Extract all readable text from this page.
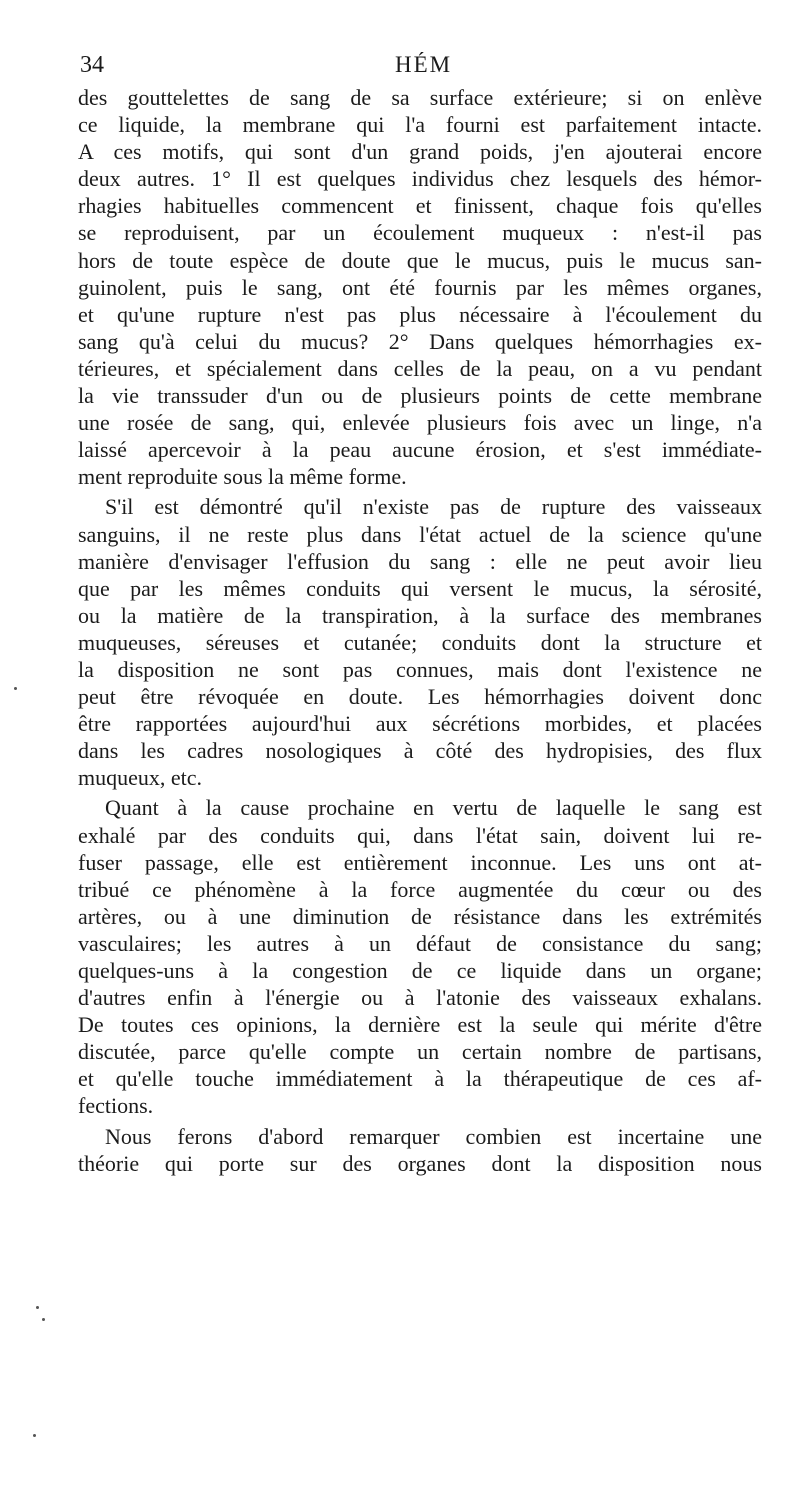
34	HÉM
des gouttelettes de sang de sa surface extérieure; si on enlève
ce liquide, la membrane qui l'a fourni est parfaitement intacte.
A ces motifs, qui sont d'un grand poids, j'en ajouterai encore
deux autres. 1° Il est quelques individus chez lesquels des hémor-
rhagies habituelles commencent et finissent, chaque fois qu'elles
se reproduisent, par un écoulement muqueux : n'est-il pas
hors de toute espèce de doute que le mucus, puis le mucus san-
guinolent, puis le sang, ont été fournis par les mêmes organes,
et qu'une rupture n'est pas plus nécessaire à l'écoulement du
sang qu'à celui du mucus? 2° Dans quelques hémorrhagies ex-
térieures, et spécialement dans celles de la peau, on a vu pendant
la vie transsuder d'un ou de plusieurs points de cette membrane
une rosée de sang, qui, enlevée plusieurs fois avec un linge, n'a
laissé apercevoir à la peau aucune érosion, et s'est immédiate-
ment reproduite sous la même forme.
S'il est démontré qu'il n'existe pas de rupture des vaisseaux
sanguins, il ne reste plus dans l'état actuel de la science qu'une
manière d'envisager l'effusion du sang : elle ne peut avoir lieu
que par les mêmes conduits qui versent le mucus, la sérosité,
ou la matière de la transpiration, à la surface des membranes
muqueuses, séreuses et cutanée; conduits dont la structure et
la disposition ne sont pas connues, mais dont l'existence ne
peut être révoquée en doute. Les hémorrhagies doivent donc
être rapportées aujourd'hui aux sécrétions morbides, et placées
dans les cadres nosologiques à côté des hydropisies, des flux
muqueux, etc.
Quant à la cause prochaine en vertu de laquelle le sang est
exhalé par des conduits qui, dans l'état sain, doivent lui re-
fuser passage, elle est entièrement inconnue. Les uns ont at-
tribué ce phénomène à la force augmentée du cœur ou des
artères, ou à une diminution de résistance dans les extrémités
vasculaires; les autres à un défaut de consistance du sang;
quelques-uns à la congestion de ce liquide dans un organe;
d'autres enfin à l'énergie ou à l'atonie des vaisseaux exhalans.
De toutes ces opinions, la dernière est la seule qui mérite d'être
discutée, parce qu'elle compte un certain nombre de partisans,
et qu'elle touche immédiatement à la thérapeutique de ces af-
fections.
Nous ferons d'abord remarquer combien est incertaine une
théorie qui porte sur des organes dont la disposition nous
